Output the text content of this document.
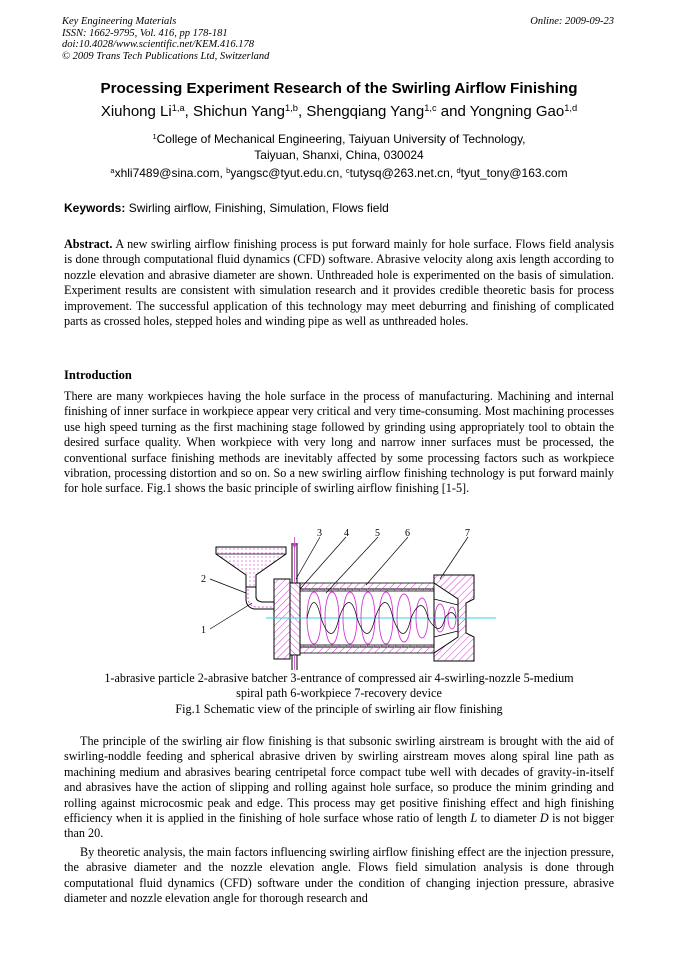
Key Engineering Materials
ISSN: 1662-9795, Vol. 416, pp 178-181
doi:10.4028/www.scientific.net/KEM.416.178
© 2009 Trans Tech Publications Ltd, Switzerland
Online: 2009-09-23
Processing Experiment Research of the Swirling Airflow Finishing
Xiuhong Li$^{1,a}$, Shichun Yang$^{1,b}$, Shengqiang Yang$^{1,c}$ and Yongning Gao$^{1,d}$
$^1$College of Mechanical Engineering, Taiyuan University of Technology,
Taiyuan, Shanxi, China, 030024
$^a$xhli7489@sina.com, $^b$yangsc@tyut.edu.cn, $^c$tutysq@263.net.cn, $^d$tyut_tony@163.com
Keywords: Swirling airflow, Finishing, Simulation, Flows field
Abstract. A new swirling airflow finishing process is put forward mainly for hole surface. Flows field analysis is done through computational fluid dynamics (CFD) software. Abrasive velocity along axis length according to nozzle elevation and abrasive diameter are shown. Unthreaded hole is experimented on the basis of simulation. Experiment results are consistent with simulation research and it provides credible theoretic basis for process improvement. The successful application of this technology may meet deburring and finishing of complicated parts as crossed holes, stepped holes and winding pipe as well as unthreaded holes.
Introduction
There are many workpieces having the hole surface in the process of manufacturing. Machining and internal finishing of inner surface in workpiece appear very critical and very time-consuming. Most machining processes use high speed turning as the first machining stage followed by grinding using appropriately tool to obtain the desired surface quality. When workpiece with very long and narrow inner surfaces must be processed, the conventional surface finishing methods are inevitably affected by some processing factors such as workpiece vibration, processing distortion and so on. So a new swirling airflow finishing technology is put forward mainly for hole surface. Fig.1 shows the basic principle of swirling airflow finishing [1-5].
2
1
3 4	5	6	7
1-abrasive particle 2-abrasive batcher 3-entrance of compressed air 4-swirling-nozzle 5-medium
spiral path 6-workpiece 7-recovery device
Fig.1 Schematic view of the principle of swirling air flow finishing
The principle of the swirling air flow finishing is that subsonic swirling airstream is brought with the aid of swirling-noddle feeding and spherical abrasive driven by swirling airstream moves along spiral line path as machining medium and abrasives bearing centripetal force compact tube well with decades of gravity-in-itself and abrasives have the action of slipping and rolling against hole surface, so produce the minim grinding and rolling against microcosmic peak and edge. This process may get positive finishing effect and high finishing efficiency when it is applied in the finishing of hole surface whose ratio of length L to diameter D is not bigger than 20.
By theoretic analysis, the main factors influencing swirling airflow finishing effect are the injection pressure, the abrasive diameter and the nozzle elevation angle. Flows field simulation analysis is done through computational fluid dynamics (CFD) software under the condition of changing injection pressure, abrasive diameter and nozzle elevation angle for thorough research and
